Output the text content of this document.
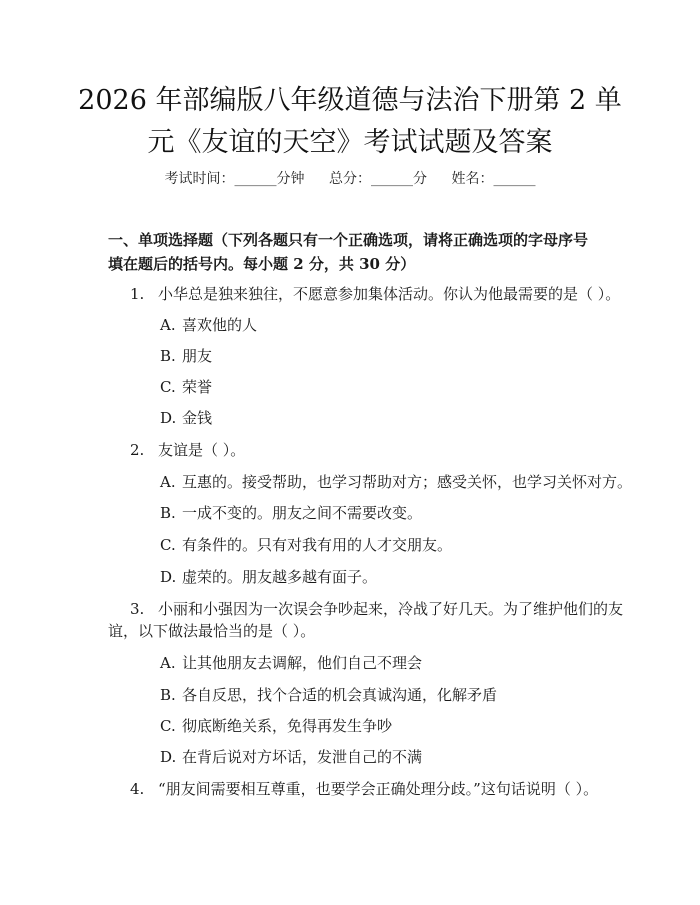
2026 年部编版八年级道德与法治下册第 2 单
元《友谊的天空》考试试题及答案
考试时间：______分钟 总分：______分 姓名：______
一、单项选择题（下列各题只有一个正确选项，请将正确选项的字母序号填在题后的括号内。每小题 2 分，共 30 分）
1. 小华总是独来独往，不愿意参加集体活动。你认为他最需要的是（ ）。
A. 喜欢他的人
B. 朋友
C. 荣誉
D. 金钱
2. 友谊是（ ）。
A. 互惠的。接受帮助，也学习帮助对方；感受关怀，也学习关怀对方。
B. 一成不变的。朋友之间不需要改变。
C. 有条件的。只有对我有用的人才交朋友。
D. 虚荣的。朋友越多越有面子。
3. 小丽和小强因为一次误会争吵起来，冷战了好几天。为了维护他们的友
谊，以下做法最恰当的是（ ）。
A. 让其他朋友去调解，他们自己不理会
B. 各自反思，找个合适的机会真诚沟通，化解矛盾
C. 彻底断绝关系，免得再发生争吵
D. 在背后说对方坏话，发泄自己的不满
4. “朋友间需要相互尊重，也要学会正确处理分歧。”这句话说明（ ）。
